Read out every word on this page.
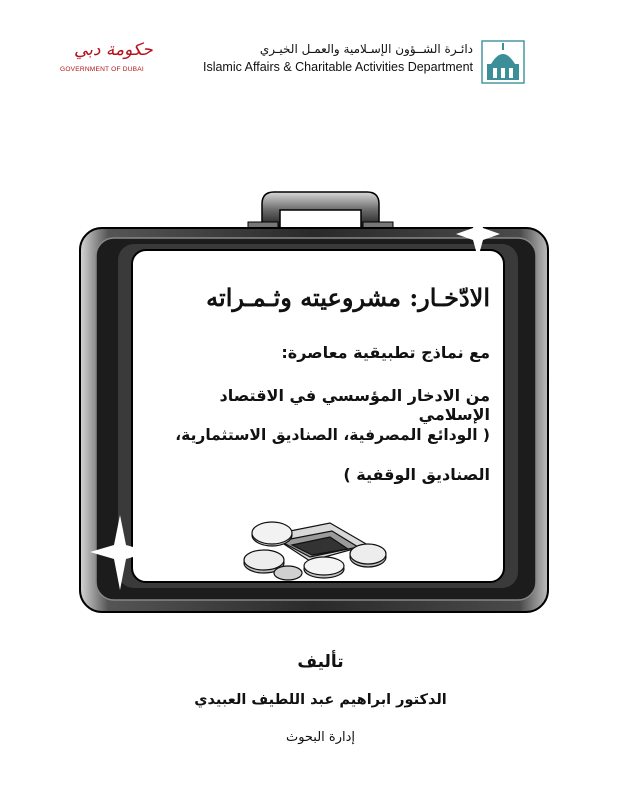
دائـرة الشــؤون الإسـلامية والعمـل الخيـري
Islamic Affairs & Charitable Activities Department
حكومة دبي
GOVERNMENT OF DUBAI
الادّخـار: مشروعيته وثـمـراته
مع نماذج تطبيقية معاصرة:
من الادخار المؤسسي في الاقتصاد الإسلامي
( الودائع المصرفية، الصناديق الاستثمارية،
الصناديق الوقفية )
تأليف
الدكتور ابراهيم عبد اللطيف العبيدي
إدارة البحوث
